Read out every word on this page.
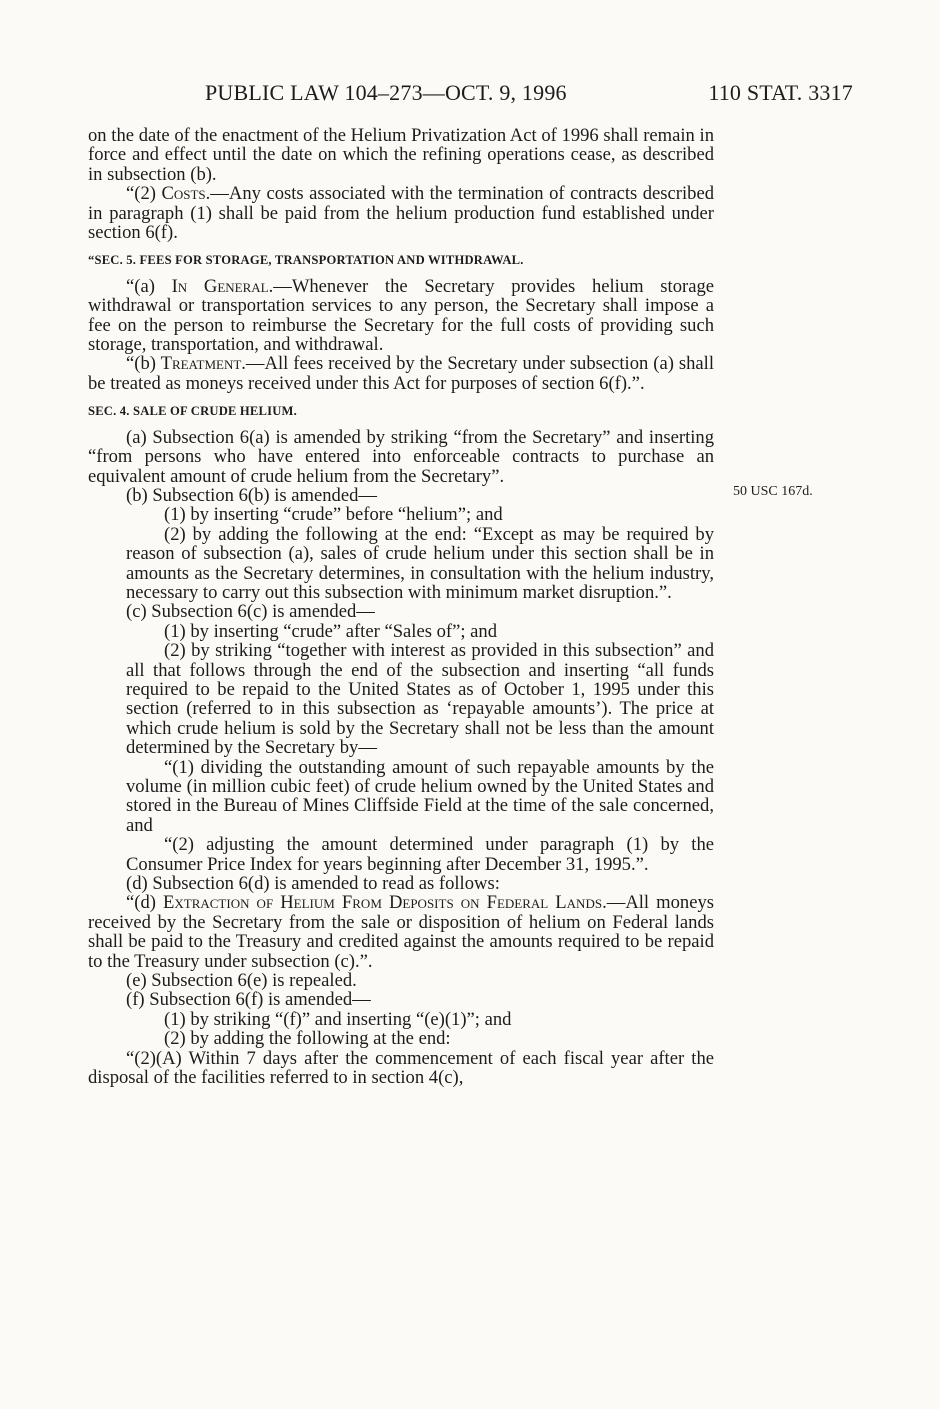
PUBLIC LAW 104–273—OCT. 9, 1996	110 STAT. 3317
50 USC 167d.

on the date of the enactment of the Helium Privatization Act of 1996 shall remain in force and effect until the date on which the refining operations cease, as described in subsection (b).

“(2) Costs.—Any costs associated with the termination of contracts described in paragraph (1) shall be paid from the helium production fund established under section 6(f).

“SEC. 5. FEES FOR STORAGE, TRANSPORTATION AND WITHDRAWAL.

“(a) In General.—Whenever the Secretary provides helium storage withdrawal or transportation services to any person, the Secretary shall impose a fee on the person to reimburse the Secretary for the full costs of providing such storage, transportation, and withdrawal.

“(b) Treatment.—All fees received by the Secretary under subsection (a) shall be treated as moneys received under this Act for purposes of section 6(f).”.

SEC. 4. SALE OF CRUDE HELIUM.

(a) Subsection 6(a) is amended by striking “from the Secretary” and inserting “from persons who have entered into enforceable contracts to purchase an equivalent amount of crude helium from the Secretary”.

(b) Subsection 6(b) is amended—

(1) by inserting “crude” before “helium”; and

(2) by adding the following at the end: “Except as may be required by reason of subsection (a), sales of crude helium under this section shall be in amounts as the Secretary determines, in consultation with the helium industry, necessary to carry out this subsection with minimum market disruption.”.

(c) Subsection 6(c) is amended—

(1) by inserting “crude” after “Sales of”; and

(2) by striking “together with interest as provided in this subsection” and all that follows through the end of the subsection and inserting “all funds required to be repaid to the United States as of October 1, 1995 under this section (referred to in this subsection as ‘repayable amounts’). The price at which crude helium is sold by the Secretary shall not be less than the amount determined by the Secretary by—

“(1) dividing the outstanding amount of such repayable amounts by the volume (in million cubic feet) of crude helium owned by the United States and stored in the Bureau of Mines Cliffside Field at the time of the sale concerned, and

“(2) adjusting the amount determined under paragraph (1) by the Consumer Price Index for years beginning after December 31, 1995.”.

(d) Subsection 6(d) is amended to read as follows:

“(d) Extraction of Helium From Deposits on Federal Lands.—All moneys received by the Secretary from the sale or disposition of helium on Federal lands shall be paid to the Treasury and credited against the amounts required to be repaid to the Treasury under subsection (c).”.

(e) Subsection 6(e) is repealed.

(f) Subsection 6(f) is amended—

(1) by striking “(f)” and inserting “(e)(1)”; and

(2) by adding the following at the end:

“(2)(A) Within 7 days after the commencement of each fiscal year after the disposal of the facilities referred to in section 4(c),
